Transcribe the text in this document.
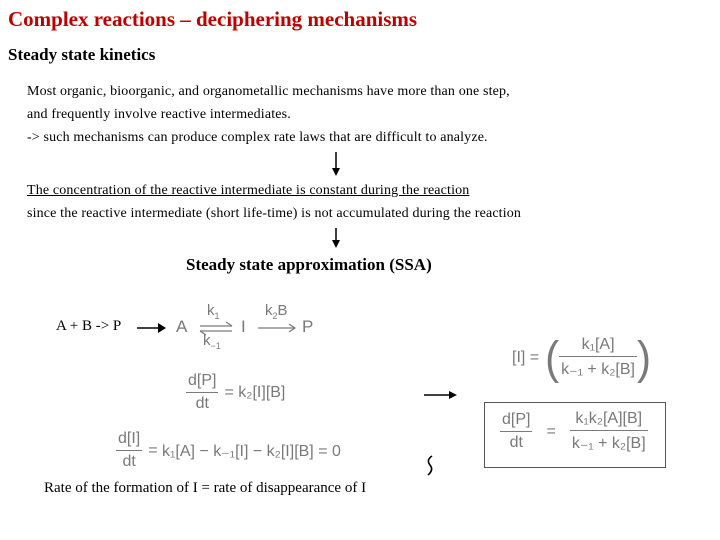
Complex reactions – deciphering mechanisms
Steady state kinetics
Most organic, bioorganic, and organometallic mechanisms have more than one step,
and frequently involve reactive intermediates.
-> such mechanisms can produce complex rate laws that are difficult to analyze.
The concentration of the reactive intermediate is constant during the reaction
since the reactive intermediate (short life-time) is not accumulated during the reaction
Steady state approximation (SSA)
A + B -> P
Rate of the formation of I = rate of disappearance of I
A
$k_1$
$k_{-1}$
I
$k_2B$
P
$\frac{d[P]}{dt} = k_2[I][B]$
$\frac{d[I]}{dt} = k_1[A] - k_{-1}[I] - k_2[I][B] = 0$
[I] = ( $\frac{\text{k₁[A]}}{\text{k₋₁ + k₂[B]}}$ )
$\frac{d[P]}{dt} = \frac{\text{k₁k₂[A][B]}}{\text{k₋₁ + k₂[B]}}$
